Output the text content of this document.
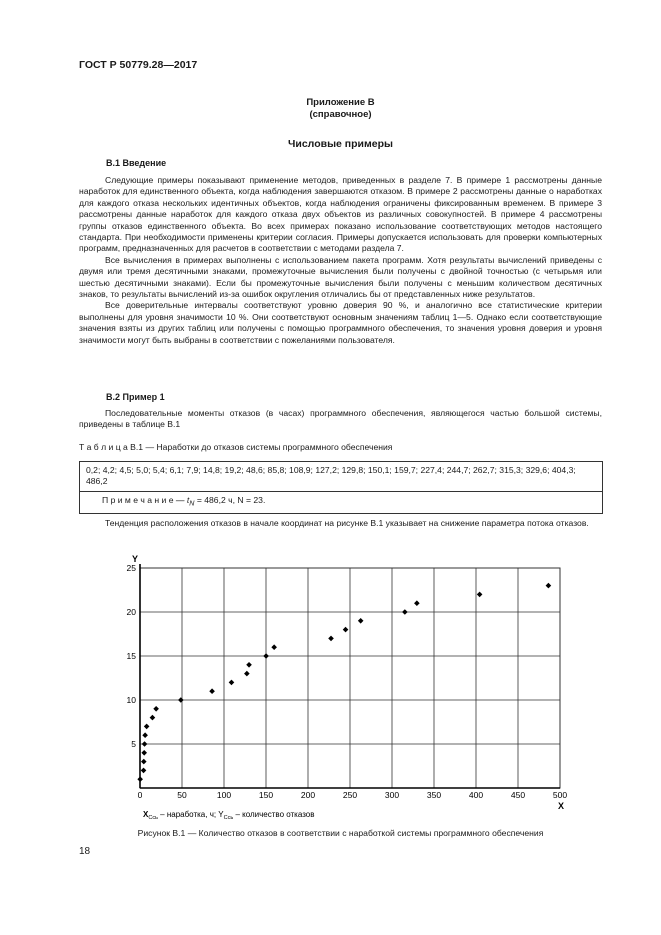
ГОСТ Р 50779.28—2017
Приложение В
(справочное)
Числовые примеры
В.1 Введение

Следующие примеры показывают применение методов, приведенных в разделе 7. В примере 1 рассмотрены данные наработок для единственного объекта, когда наблюдения завершаются отказом. В примере 2 рассмотрены данные о наработках для каждого отказа нескольких идентичных объектов, когда наблюдения ограничены фиксированным временем. В примере 3 рассмотрены данные наработок для каждого отказа двух объектов из различных совокупностей. В примере 4 рассмотрены группы отказов единственного объекта. Во всех примерах показано использование соответствующих методов настоящего стандарта. При необходимости применены критерии согласия. Примеры допускается использовать для проверки компьютерных программ, предназначенных для расчетов в соответствии с методами раздела 7.

Все вычисления в примерах выполнены с использованием пакета программ. Хотя результаты вычислений приведены с двумя или тремя десятичными знаками, промежуточные вычисления были получены с двойной точностью (с четырьмя или шестью десятичными знаками). Если бы промежуточные вычисления были получены с меньшим количеством десятичных знаков, то результаты вычислений из-за ошибок округления отличались бы от представленных ниже результатов.

Все доверительные интервалы соответствуют уровню доверия 90 %, и аналогично все статистические критерии выполнены для уровня значимости 10 %. Они соответствуют основным значениям таблиц 1—5. Однако если соответствующие значения взяты из других таблиц или получены с помощью программного обеспечения, то значения уровня доверия и уровня значимости могут быть выбраны в соответствии с пожеланиями пользователя.

В.2 Пример 1

Последовательные моменты отказов (в часах) программного обеспечения, являющегося частью большой системы, приведены в таблице В.1

Т а б л и ц а В.1 — Наработки до отказов системы программного обеспечения
0,2; 4,2; 4,5; 5,0; 5,4; 6,1; 7,9; 14,8; 19,2; 48,6; 85,8; 108,9; 127,2; 129,8; 150,1; 159,7; 227,4; 244,7; 262,7; 315,3; 329,6; 404,3; 486,2
П р и м е ч а н и е — $t_N = 486,2$ ч, N = 23.

Тенденция расположения отказов в начале координат на рисунке В.1 указывает на снижение параметра потока отказов.

0	50	100	150	200	250	300	350	400	450	500
5
10
15
20
25
Y
X
$X_{Ссь}$ – наработка, ч; $Y_{Ссь}$ – количество отказов
Рисунок В.1 — Количество отказов в соответствии с наработкой системы программного обеспечения
18
